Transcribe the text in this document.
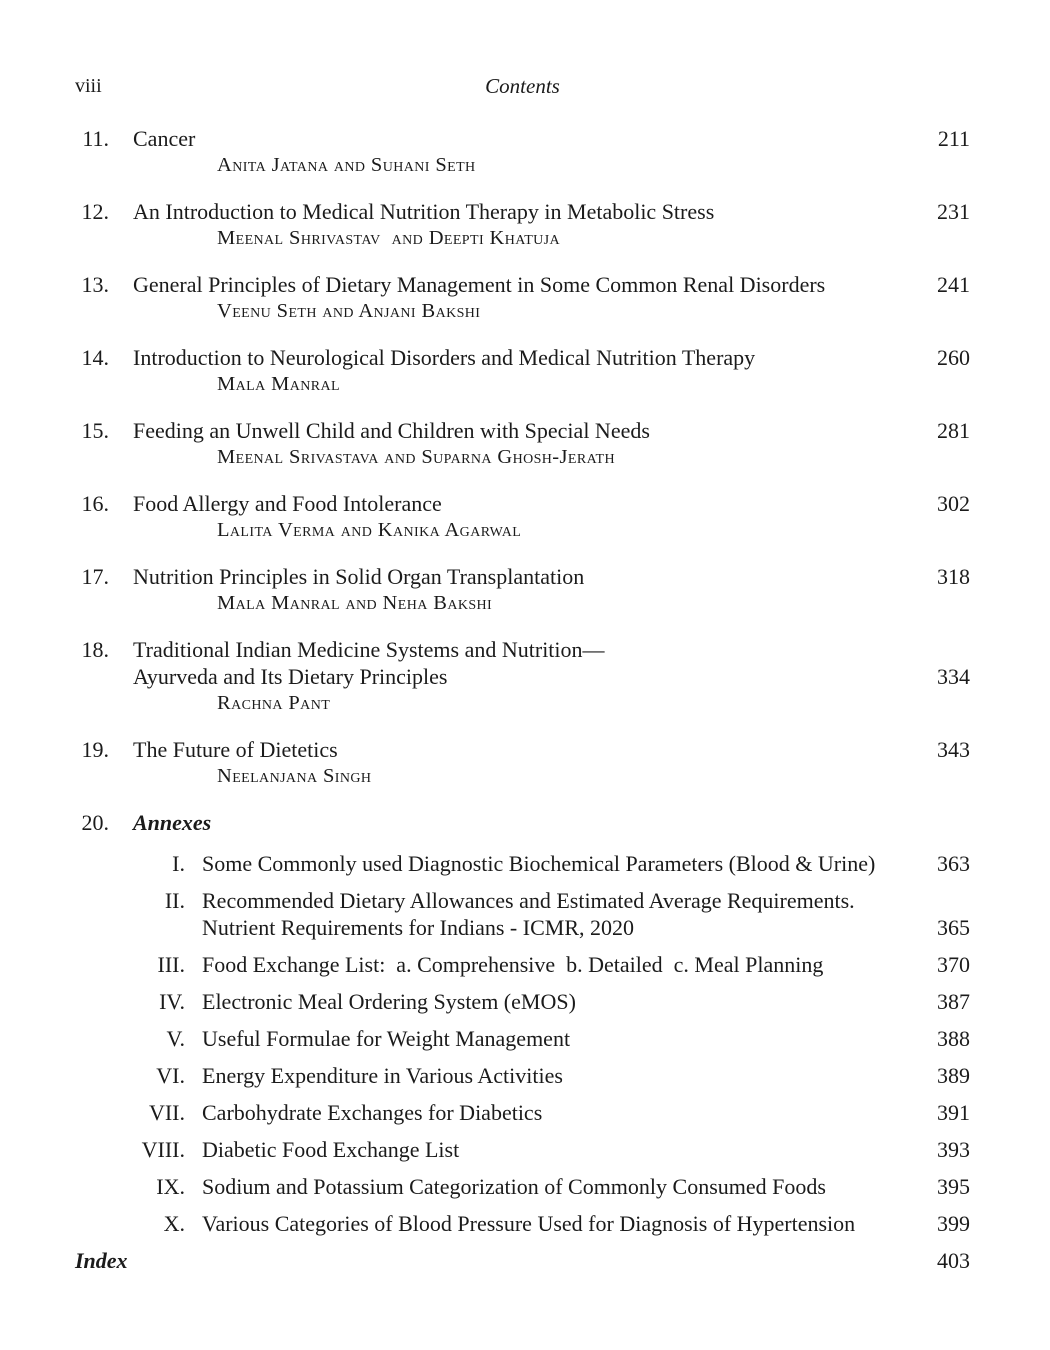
viii	Contents
11.	Cancer	211
Anita Jatana and Suhani Seth
12.	An Introduction to Medical Nutrition Therapy in Metabolic Stress	231
Meenal Shrivastav  and Deepti Khatuja
13.	General Principles of Dietary Management in Some Common Renal Disorders	241
Veenu Seth and Anjani Bakshi
14.	Introduction to Neurological Disorders and Medical Nutrition Therapy	260
Mala Manral
15.	Feeding an Unwell Child and Children with Special Needs	281
Meenal Srivastava and Suparna Ghosh-Jerath
16.	Food Allergy and Food Intolerance	302
Lalita Verma and Kanika Agarwal
17.	Nutrition Principles in Solid Organ Transplantation	318
Mala Manral and Neha Bakshi
18.	Traditional Indian Medicine Systems and Nutrition—
Ayurveda and Its Dietary Principles	334
Rachna Pant
19.	The Future of Dietetics	343
Neelanjana Singh
20.	Annexes
I. Some Commonly used Diagnostic Biochemical Parameters (Blood & Urine)	363
II. Recommended Dietary Allowances and Estimated Average Requirements.
Nutrient Requirements for Indians - ICMR, 2020	365
III. Food Exchange List:  a. Comprehensive  b. Detailed  c. Meal Planning	370
IV. Electronic Meal Ordering System (eMOS)	387
V. Useful Formulae for Weight Management	388
VI. Energy Expenditure in Various Activities	389
VII. Carbohydrate Exchanges for Diabetics	391
VIII. Diabetic Food Exchange List	393
IX. Sodium and Potassium Categorization of Commonly Consumed Foods	395
X. Various Categories of Blood Pressure Used for Diagnosis of Hypertension	399
Index	403
